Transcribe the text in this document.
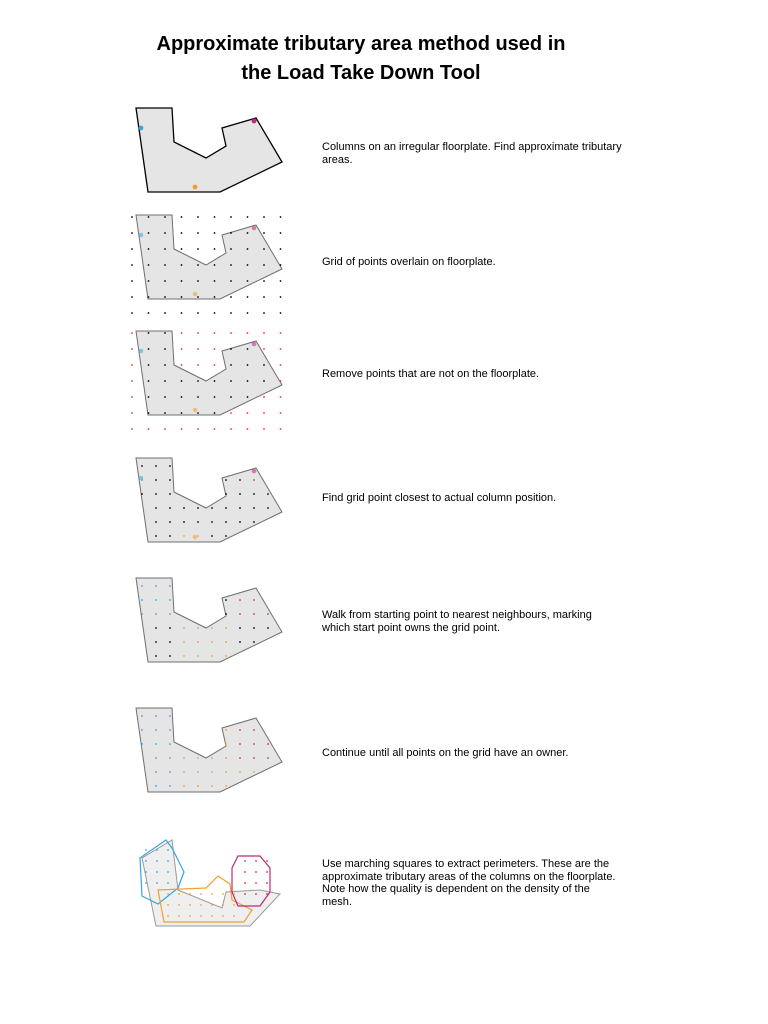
Approximate tributary area method used in
the Load Take Down Tool
Columns on an irregular floorplate. Find approximate tributary areas.
Grid of points overlain on floorplate.
Remove points that are not on the floorplate.
Find grid point closest to actual column position.
Walk from starting point to nearest neighbours, marking which start point owns the grid point.
Continue until all points on the grid have an owner.
Use marching squares to extract perimeters. These are the approximate tributary areas of the columns on the floorplate. Note how the quality is dependent on the density of the mesh.
